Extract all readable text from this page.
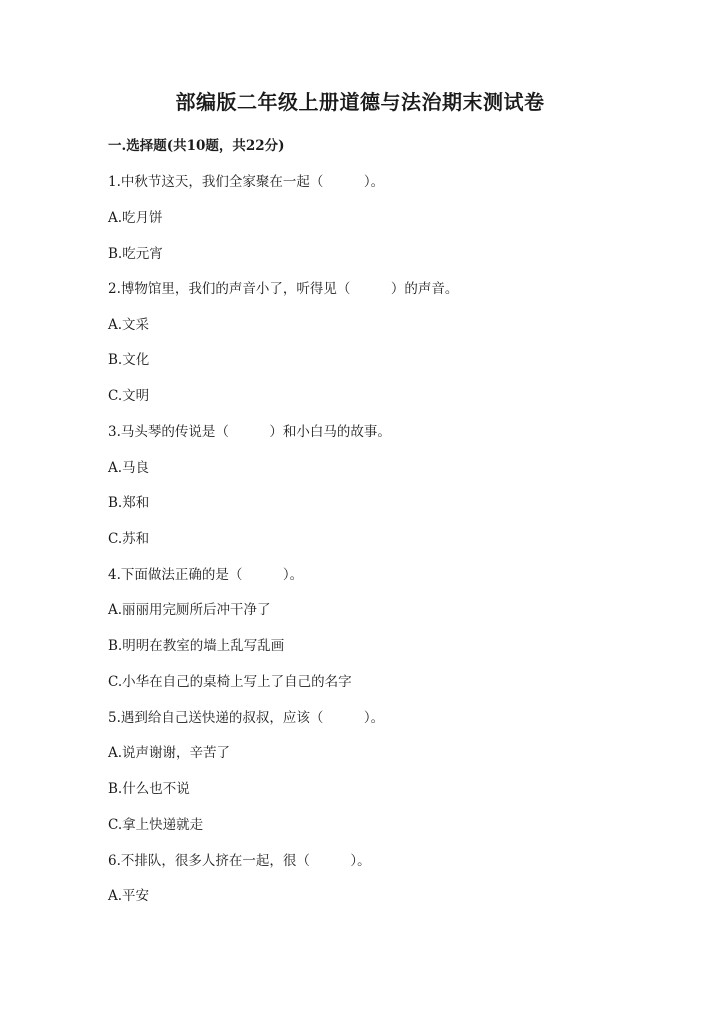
部编版二年级上册道德与法治期末测试卷
一.选择题(共10题，共22分)
1.中秋节这天，我们全家聚在一起（　　　）。
A.吃月饼
B.吃元宵
2.博物馆里，我们的声音小了，听得见（　　　）的声音。
A.文采
B.文化
C.文明
3.马头琴的传说是（　　　）和小白马的故事。
A.马良
B.郑和
C.苏和
4.下面做法正确的是（　　　）。
A.丽丽用完厕所后冲干净了
B.明明在教室的墙上乱写乱画
C.小华在自己的桌椅上写上了自己的名字
5.遇到给自己送快递的叔叔，应该（　　　）。
A.说声谢谢，辛苦了
B.什么也不说
C.拿上快递就走
6.不排队，很多人挤在一起，很（　　　）。
A.平安
